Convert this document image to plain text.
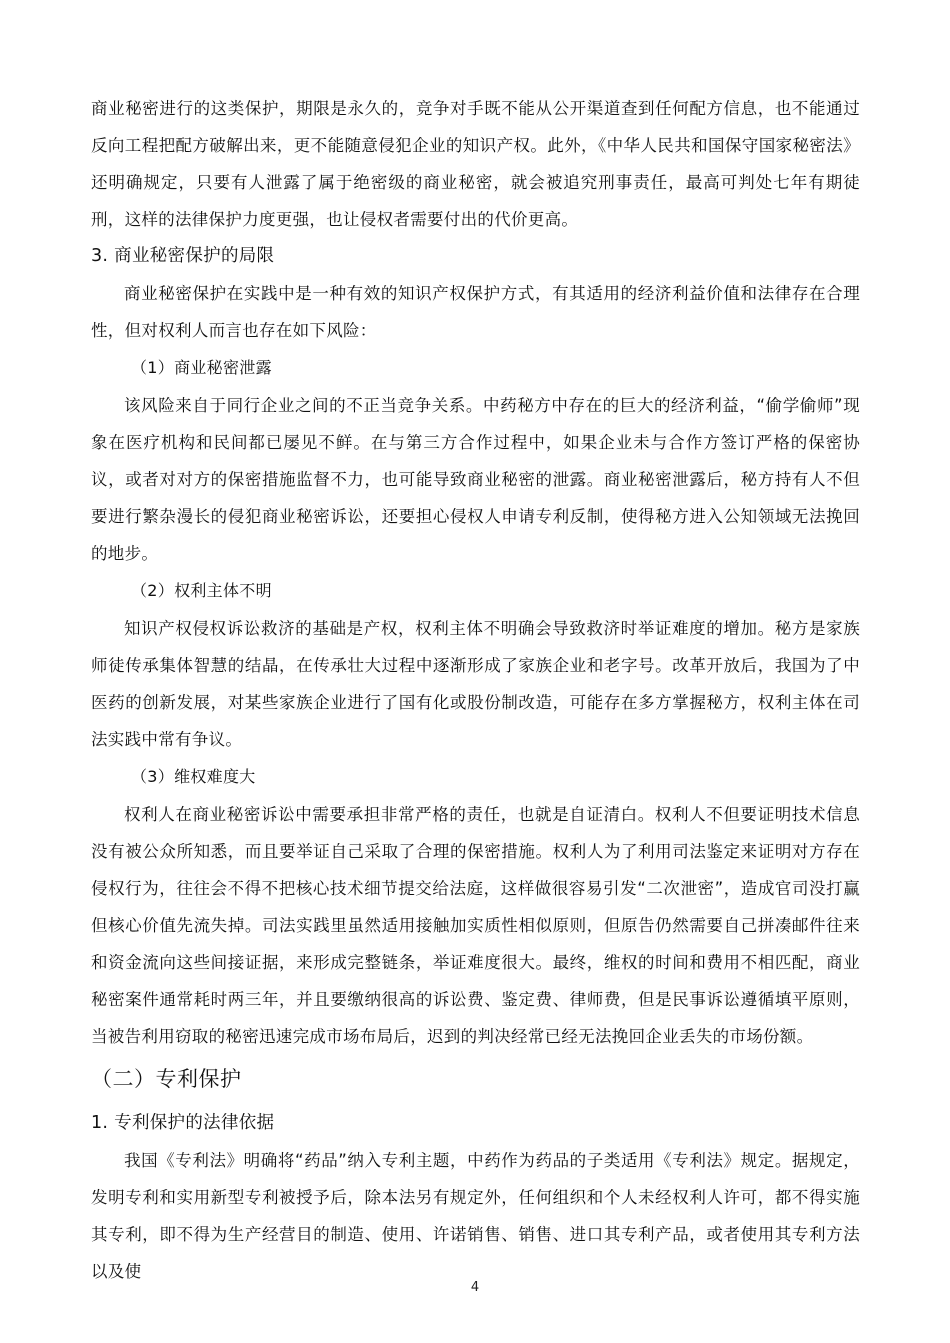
商业秘密进行的这类保护，期限是永久的，竞争对手既不能从公开渠道查到任何配方信息，也不能通过反向工程把配方破解出来，更不能随意侵犯企业的知识产权。此外，《中华人民共和国保守国家秘密法》还明确规定，只要有人泄露了属于绝密级的商业秘密，就会被追究刑事责任，最高可判处七年有期徒刑，这样的法律保护力度更强，也让侵权者需要付出的代价更高。

3. 商业秘密保护的局限

商业秘密保护在实践中是一种有效的知识产权保护方式，有其适用的经济利益价值和法律存在合理性，但对权利人而言也存在如下风险：

（1）商业秘密泄露

该风险来自于同行企业之间的不正当竞争关系。中药秘方中存在的巨大的经济利益，“偷学偷师”现象在医疗机构和民间都已屡见不鲜。在与第三方合作过程中，如果企业未与合作方签订严格的保密协议，或者对对方的保密措施监督不力，也可能导致商业秘密的泄露。商业秘密泄露后，秘方持有人不但要进行繁杂漫长的侵犯商业秘密诉讼，还要担心侵权人申请专利反制，使得秘方进入公知领域无法挽回的地步。

（2）权利主体不明

知识产权侵权诉讼救济的基础是产权，权利主体不明确会导致救济时举证难度的增加。秘方是家族师徒传承集体智慧的结晶，在传承壮大过程中逐渐形成了家族企业和老字号。改革开放后，我国为了中医药的创新发展，对某些家族企业进行了国有化或股份制改造，可能存在多方掌握秘方，权利主体在司法实践中常有争议。

（3）维权难度大

权利人在商业秘密诉讼中需要承担非常严格的责任，也就是自证清白。权利人不但要证明技术信息没有被公众所知悉，而且要举证自己采取了合理的保密措施。权利人为了利用司法鉴定来证明对方存在侵权行为，往往会不得不把核心技术细节提交给法庭，这样做很容易引发“二次泄密”，造成官司没打赢但核心价值先流失掉。司法实践里虽然适用接触加实质性相似原则，但原告仍然需要自己拼凑邮件往来和资金流向这些间接证据，来形成完整链条，举证难度很大。最终，维权的时间和费用不相匹配，商业秘密案件通常耗时两三年，并且要缴纳很高的诉讼费、鉴定费、律师费，但是民事诉讼遵循填平原则，当被告利用窃取的秘密迅速完成市场布局后，迟到的判决经常已经无法挽回企业丢失的市场份额。

（二）专利保护

1. 专利保护的法律依据

我国《专利法》明确将“药品”纳入专利主题，中药作为药品的子类适用《专利法》规定。据规定，发明专利和实用新型专利被授予后，除本法另有规定外，任何组织和个人未经权利人许可，都不得实施其专利，即不得为生产经营目的制造、使用、许诺销售、销售、进口其专利产品，或者使用其专利方法以及使

4
